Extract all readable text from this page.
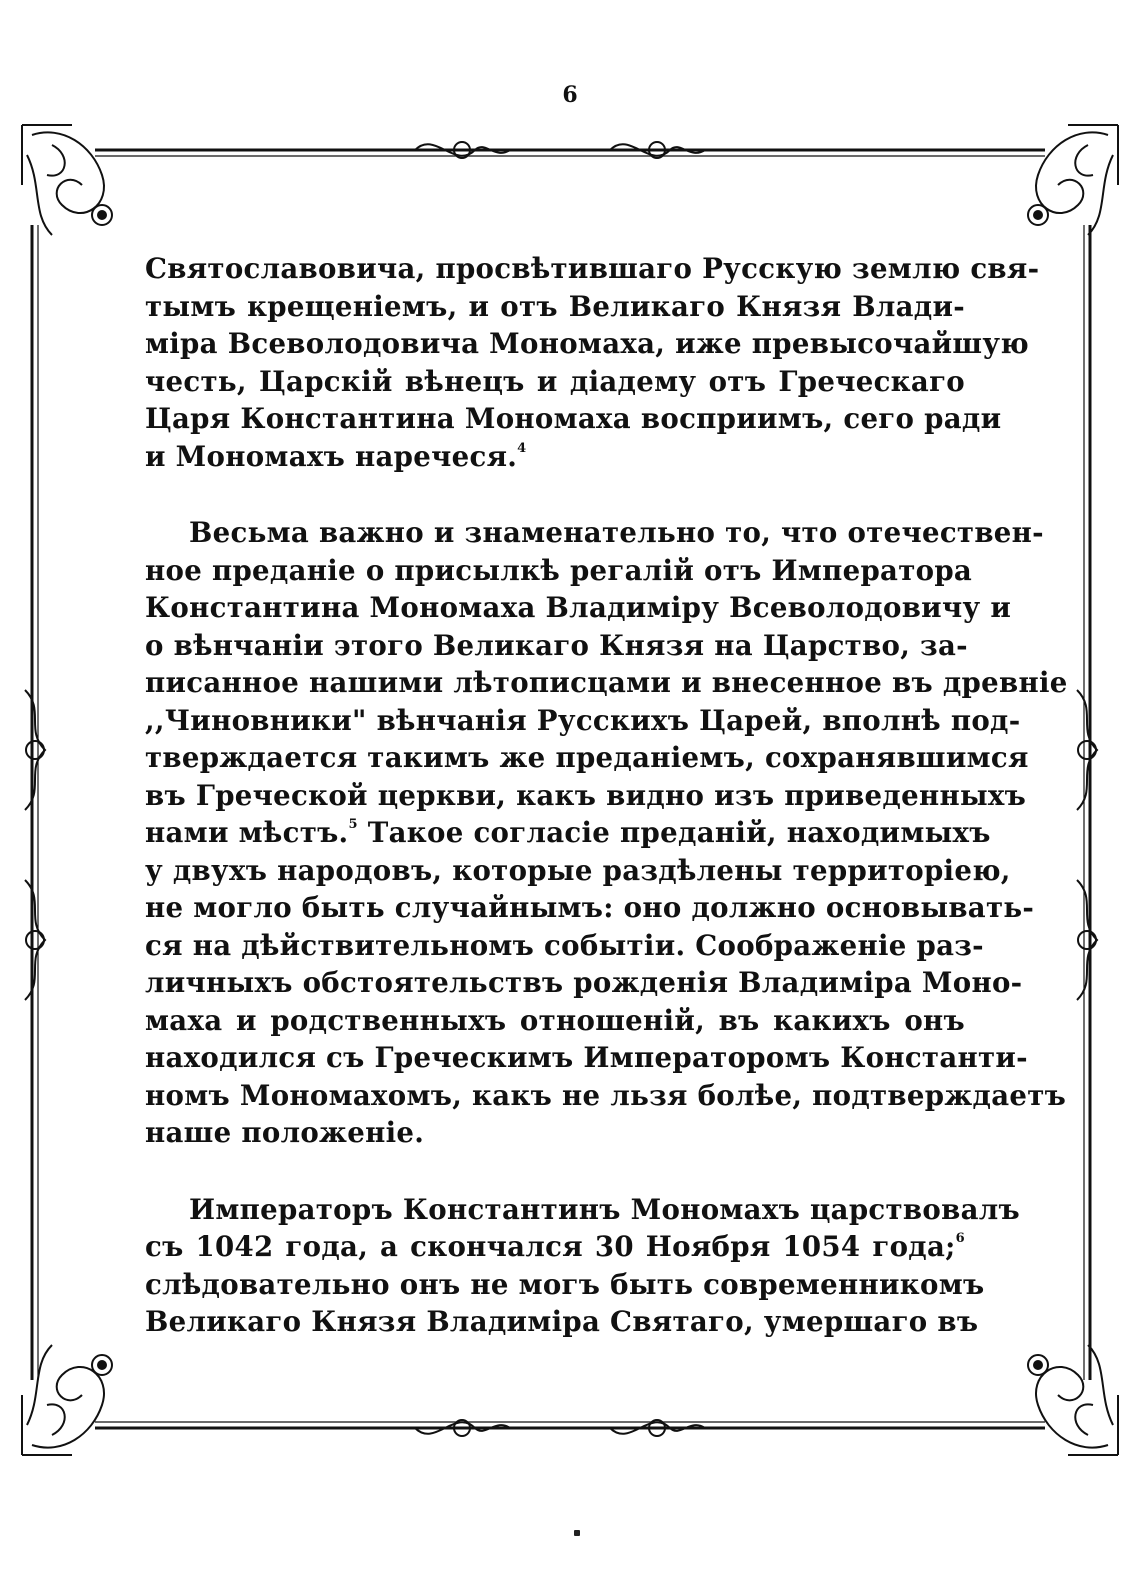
6
Святославовича, просвѣтившаго Русскую землю свя-
тымъ крещеніемъ, и отъ Великаго Князя Влади-
міра Всеволодовича Мономаха, иже превысочайшую
честь, Царскій вѣнецъ и діадему отъ Греческаго
Царя Константина Мономаха восприимъ, сего ради
и Мономахъ наречеся.$^4$
Весьма важно и знаменательно то, что отечествен-
ное преданіе о присылкѣ регалій отъ Императора
Константина Мономаха Владиміру Всеволодовичу и
о вѣнчаніи этого Великаго Князя на Царство, за-
писанное нашими лѣтописцами и внесенное въ древніе
,,Чиновники" вѣнчанія Русскихъ Царей, вполнѣ под-
тверждается такимъ же преданіемъ, сохранявшимся
въ Греческой церкви, какъ видно изъ приведенныхъ
нами мѣстъ.$^5$ Такое согласіе преданій, находимыхъ
у двухъ народовъ, которые раздѣлены территоріею,
не могло быть случайнымъ: оно должно основывать-
ся на дѣйствительномъ событіи. Соображеніе раз-
личныхъ обстоятельствъ рожденія Владиміра Моно-
маха и родственныхъ отношеній, въ какихъ онъ
находился съ Греческимъ Императоромъ Константи-
номъ Мономахомъ, какъ не льзя болѣе, подтверждаетъ
наше положеніе.
Императоръ Константинъ Мономахъ царствовалъ
съ 1042 года, а скончался 30 Ноября 1054 года;$^6$
слѣдовательно онъ не могъ быть современникомъ
Великаго Князя Владиміра Святаго, умершаго въ
